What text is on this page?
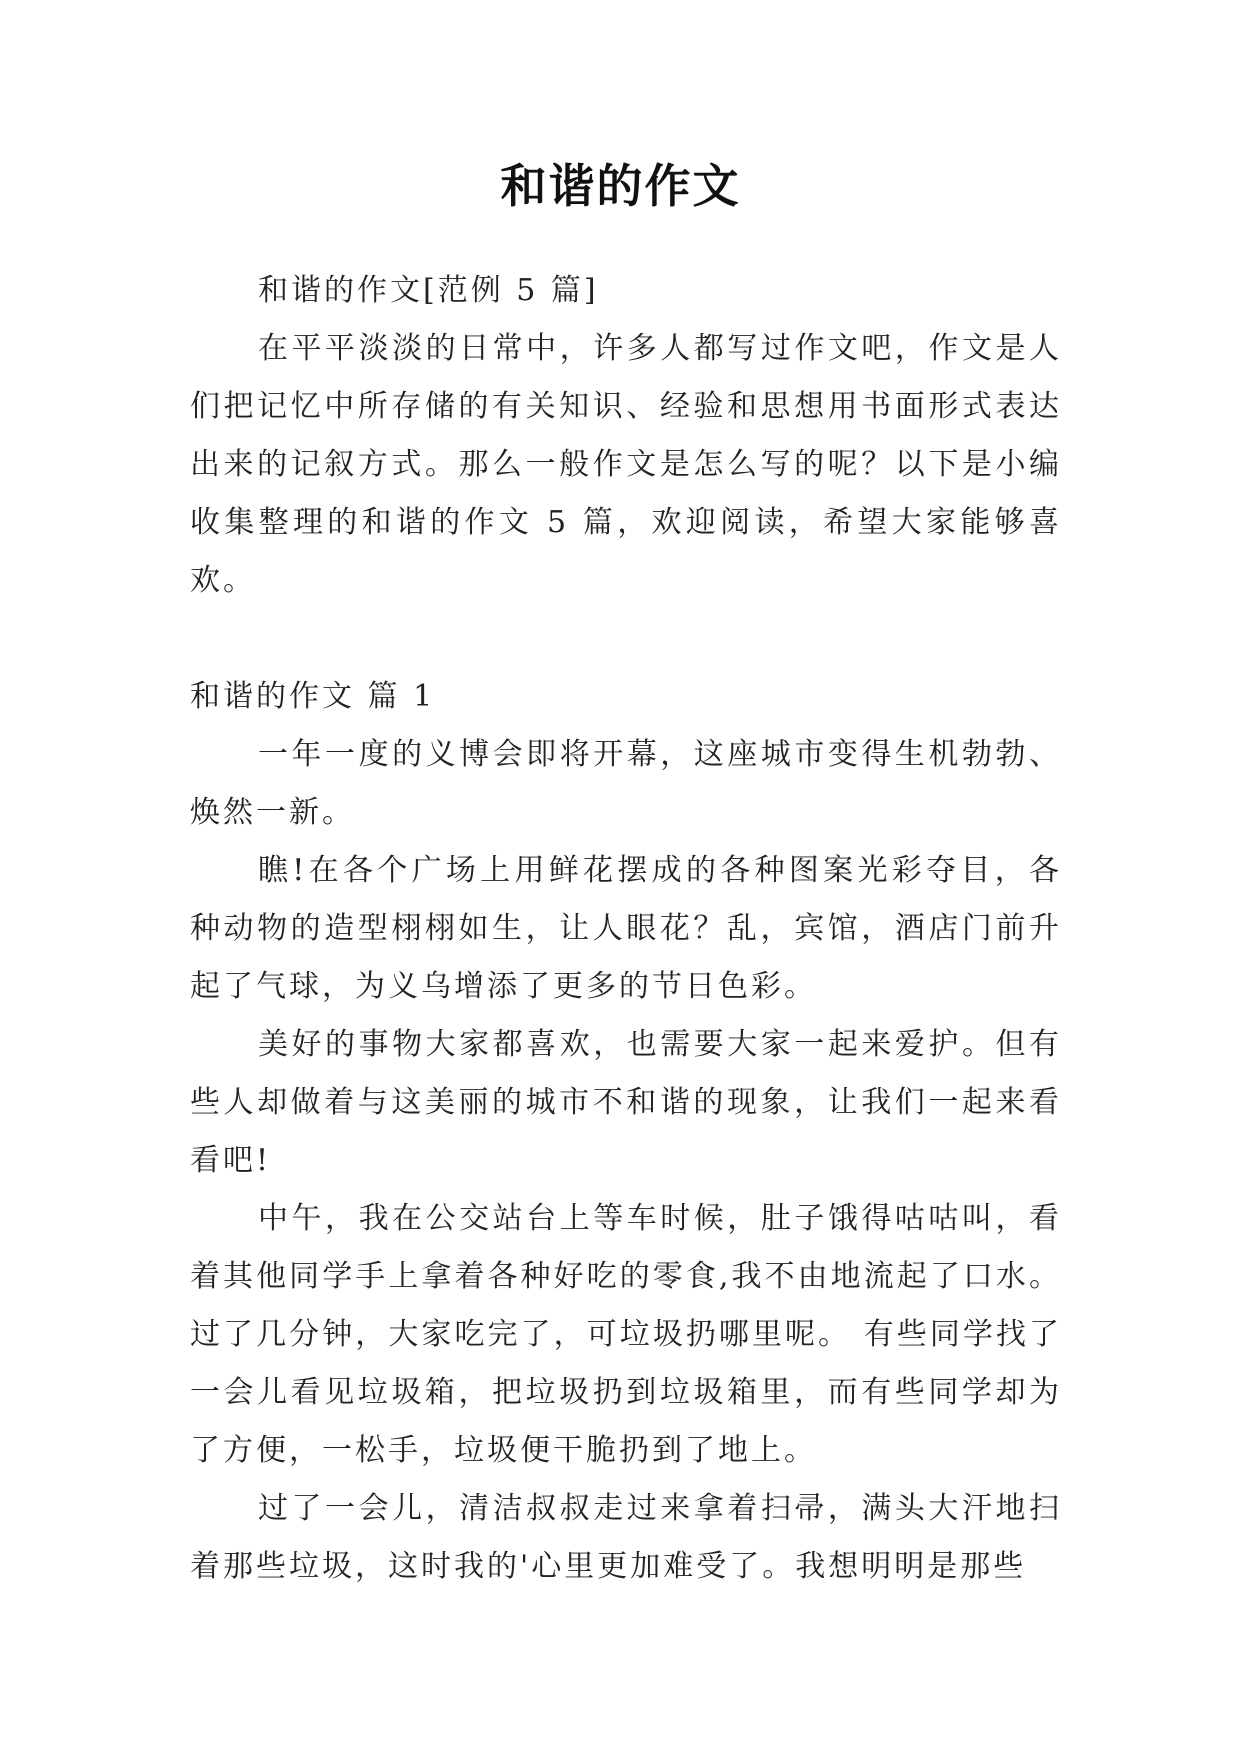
和谐的作文

和谐的作文[范例 5 篇]

在平平淡淡的日常中，许多人都写过作文吧，作文是人们把记忆中所存储的有关知识、经验和思想用书面形式表达出来的记叙方式。那么一般作文是怎么写的呢？以下是小编收集整理的和谐的作文 5 篇，欢迎阅读，希望大家能够喜欢。

和谐的作文 篇 1

一年一度的义博会即将开幕，这座城市变得生机勃勃、焕然一新。

瞧!在各个广场上用鲜花摆成的各种图案光彩夺目，各种动物的造型栩栩如生，让人眼花？乱，宾馆，酒店门前升起了气球，为义乌增添了更多的节日色彩。

美好的事物大家都喜欢，也需要大家一起来爱护。但有些人却做着与这美丽的城市不和谐的现象，让我们一起来看看吧!

中午，我在公交站台上等车时候，肚子饿得咕咕叫，看着其他同学手上拿着各种好吃的零食,我不由地流起了口水。过了几分钟，大家吃完了，可垃圾扔哪里呢。 有些同学找了一会儿看见垃圾箱，把垃圾扔到垃圾箱里，而有些同学却为了方便，一松手，垃圾便干脆扔到了地上。

过了一会儿，清洁叔叔走过来拿着扫帚，满头大汗地扫着那些垃圾，这时我的'心里更加难受了。我想明明是那些
